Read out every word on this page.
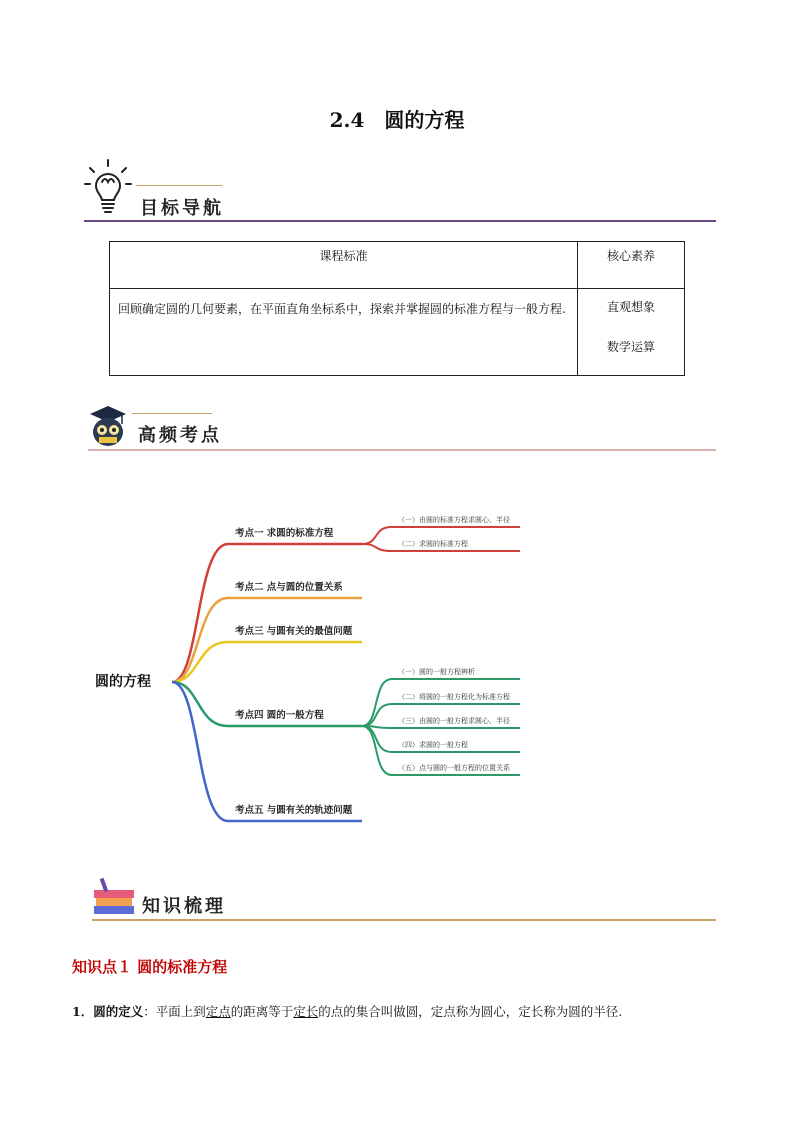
2.4　圆的方程
目标导航
课程标准	核心素养
回顾确定圆的几何要素，在平面直角坐标系中，探索并掌握圆的标准方程与一般方程.	直观想象
数学运算
高频考点
圆的方程
考点一 求圆的标准方程
（一）由圆的标准方程求圆心、半径
（二）求圆的标准方程
考点二 点与圆的位置关系
考点三 与圆有关的最值问题
考点四 圆的一般方程
（一）圆的一般方程辨析
（二）将圆的一般方程化为标准方程
（三）由圆的一般方程求圆心、半径
（四）求圆的一般方程
（五）点与圆的一般方程的位置关系
考点五 与圆有关的轨迹问题
知识梳理
知识点１ 圆的标准方程
1．圆的定义：平面上到定点的距离等于定长的点的集合叫做圆，定点称为圆心，定长称为圆的半径.
